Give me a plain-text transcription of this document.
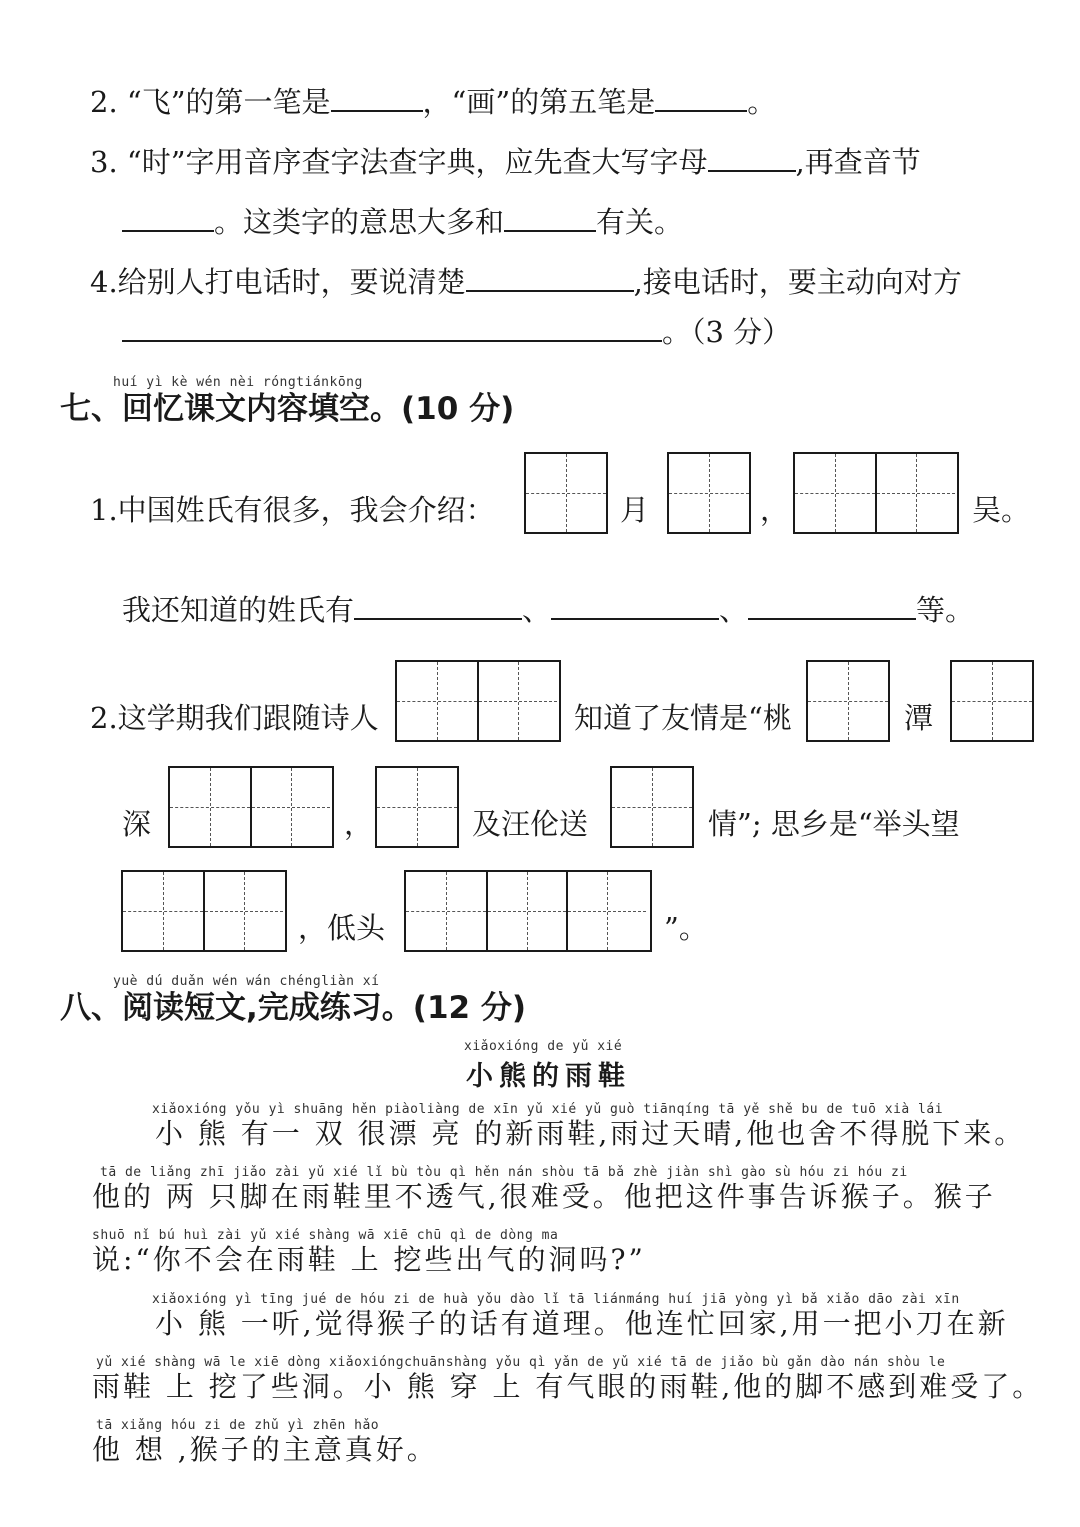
2. “飞”的第一笔是	，“画”的第五笔是	。
3. “时”字用音序查字法查字典，应先查大写字母	,再查音节
。这类字的意思大多和	有关。
4.给别人打电话时，要说清楚	,接电话时，要主动向对方
。（3 分）
huí yì kè wén nèi róngtiánkōng
七、回忆课文内容填空。(10 分)
1.中国姓氏有很多，我会介绍：	月	，	吴。
我还知道的姓氏有	、	、	等。
2.这学期我们跟随诗人	知道了友情是“桃	潭
深	，	及汪伦送	情”; 思乡是“举头望
，低头	”。
yuè dú duǎn wén wán chéngliàn xí
八、阅读短文,完成练习。(12 分)
xiǎoxióng de yǔ xié
小熊的雨鞋
xiǎoxióng yǒu yì shuāng hěn piàoliàng de xīn yǔ xié yǔ guò tiānqíng tā yě shě bu de tuō xià lái
小 熊 有一 双 很漂 亮 的新雨鞋,雨过天晴,他也舍不得脱下来。
tā de liǎng zhī jiǎo zài yǔ xié lǐ bù tòu qì hěn nán shòu tā bǎ zhè jiàn shì gào sù hóu zi hóu zi
他的 两 只脚在雨鞋里不透气,很难受。他把这件事告诉猴子。猴子
shuō nǐ bú huì zài yǔ xié shàng wā xiē chū qì de dòng ma
说:“你不会在雨鞋 上 挖些出气的洞吗?”
xiǎoxióng yì tīng jué de hóu zi de huà yǒu dào lǐ tā liánmáng huí jiā yòng yì bǎ xiǎo dāo zài xīn
小 熊 一听,觉得猴子的话有道理。他连忙回家,用一把小刀在新
yǔ xié shàng wā le xiē dòng xiǎoxióngchuānshàng yǒu qì yǎn de yǔ xié tā de jiǎo bù gǎn dào nán shòu le
雨鞋 上 挖了些洞。小 熊 穿 上 有气眼的雨鞋,他的脚不感到难受了。
tā xiǎng hóu zi de zhǔ yì zhēn hǎo
他 想 ,猴子的主意真好。
